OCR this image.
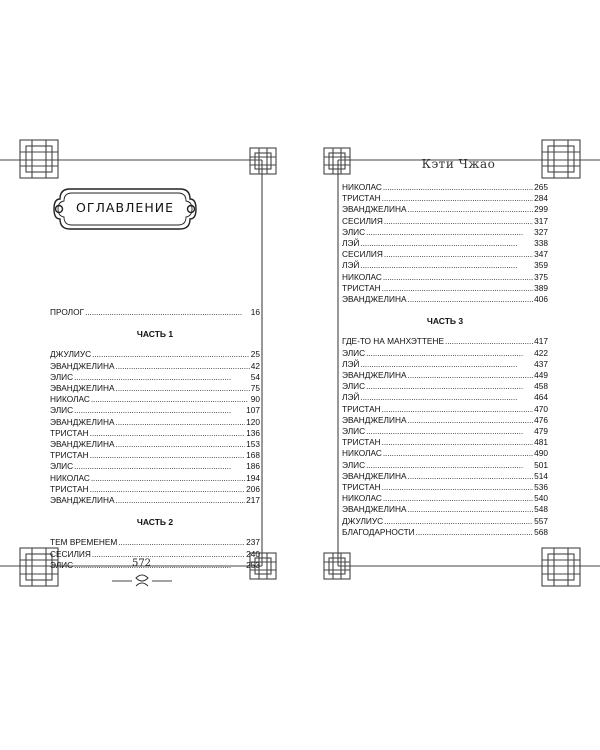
ОГЛАВЛЕНИЕ
ПРОЛОГ . . .	16
ЧАСТЬ 1
ДЖУЛИУС . . .	25
ЭВАНДЖЕЛИНА . . .	42
ЭЛИС . . .	54
ЭВАНДЖЕЛИНА . . .	75
НИКОЛАС . . .	90
ЭЛИС . . .	107
ЭВАНДЖЕЛИНА . . .	120
ТРИСТАН . . .	136
ЭВАНДЖЕЛИНА . . .	153
ТРИСТАН . . .	168
ЭЛИС . . .	186
НИКОЛАС . . .	194
ТРИСТАН . . .	206
ЭВАНДЖЕЛИНА . . .	217
ЧАСТЬ 2
ТЕМ ВРЕМЕНЕМ . . .	237
СЕСИЛИЯ . . .	240
ЭЛИС . . .	253
572
Кэти Чжао
НИКОЛАС . . .	265
ТРИСТАН . . .	284
ЭВАНДЖЕЛИНА . . .	299
СЕСИЛИЯ . . .	317
ЭЛИС . . .	327
ЛЭЙ . . .	338
СЕСИЛИЯ . . .	347
ЛЭЙ . . .	359
НИКОЛАС . . .	375
ТРИСТАН . . .	389
ЭВАНДЖЕЛИНА . . .	406
ЧАСТЬ 3
ГДЕ-ТО НА МАНХЭТТЕНЕ . . .	417
ЭЛИС . . .	422
ЛЭЙ . . .	437
ЭВАНДЖЕЛИНА . . .	449
ЭЛИС . . .	458
ЛЭЙ . . .	464
ТРИСТАН . . .	470
ЭВАНДЖЕЛИНА . . .	476
ЭЛИС . . .	479
ТРИСТАН . . .	481
НИКОЛАС . . .	490
ЭЛИС . . .	501
ЭВАНДЖЕЛИНА . . .	514
ТРИСТАН . . .	536
НИКОЛАС . . .	540
ЭВАНДЖЕЛИНА . . .	548
ДЖУЛИУС . . .	557
БЛАГОДАРНОСТИ . . .	568
